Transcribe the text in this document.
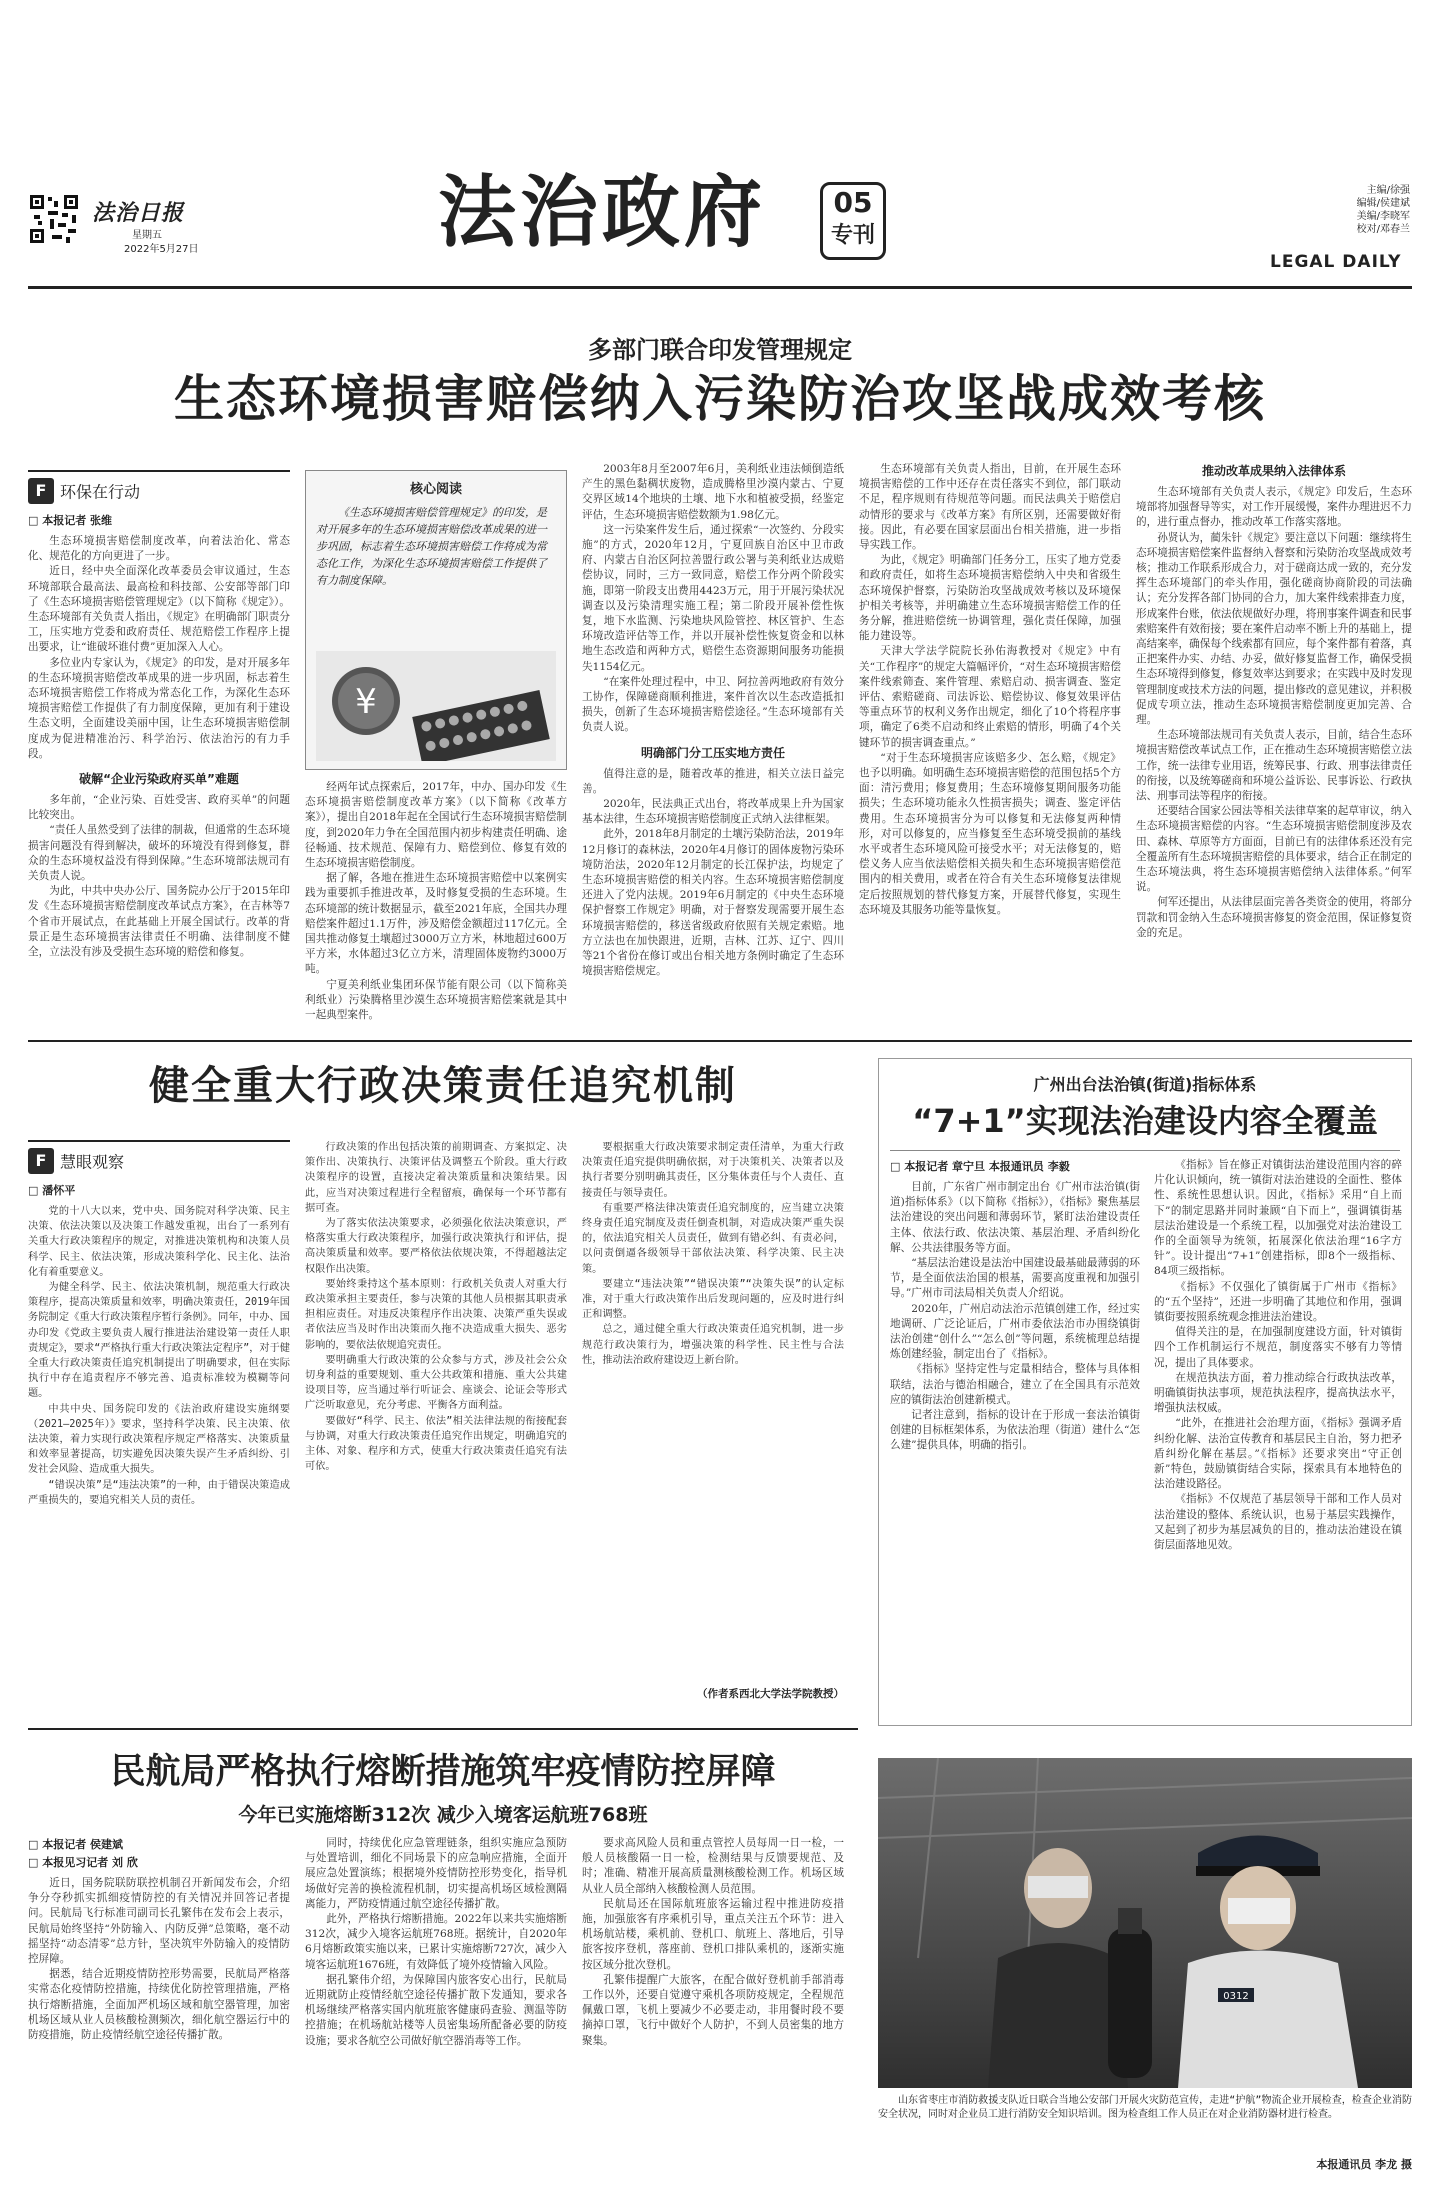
法治日报
星期五
2022年5月27日	法治政府	05
专刊
主编/徐强
编辑/侯建斌
美编/李晓军
校对/邓春兰
LEGAL DAILY
多部门联合印发管理规定
生态环境损害赔偿纳入污染防治攻坚战成效考核
F 环保在行动
□ 本报记者 张维

生态环境损害赔偿制度改革，向着法治化、常态化、规范化的方向更进了一步。

近日，经中央全面深化改革委员会审议通过，生态环境部联合最高法、最高检和科技部、公安部等部门印了《生态环境损害赔偿管理规定》（以下简称《规定》）。生态环境部有关负责人指出，《规定》在明确部门职责分工，压实地方党委和政府责任、规范赔偿工作程序上提出要求，让“谁破坏谁付费”更加深入人心。

多位业内专家认为，《规定》的印发，是对开展多年的生态环境损害赔偿改革成果的进一步巩固，标志着生态环境损害赔偿工作将成为常态化工作，为深化生态环境损害赔偿工作提供了有力制度保障，更加有利于建设生态文明，全面建设美丽中国，让生态环境损害赔偿制度成为促进精准治污、科学治污、依法治污的有力手段。

破解“企业污染政府买单”难题

多年前，“企业污染、百姓受害、政府买单”的问题比较突出。

“责任人虽然受到了法律的制裁，但通常的生态环境损害问题没有得到解决，破坏的环境没有得到修复，群众的生态环境权益没有得到保障。”生态环境部法规司有关负责人说。

为此，中共中央办公厅、国务院办公厅于2015年印发《生态环境损害赔偿制度改革试点方案》，在吉林等7个省市开展试点，在此基础上开展全国试行。改革的背景正是生态环境损害法律责任不明确、法律制度不健全，立法没有涉及受损生态环境的赔偿和修复。

核心阅读
《生态环境损害赔偿管理规定》的印发，是对开展多年的生态环境损害赔偿改革成果的进一步巩固，标志着生态环境损害赔偿工作将成为常态化工作，为深化生态环境损害赔偿工作提供了有力制度保障。
¥

经两年试点探索后，2017年，中办、国办印发《生态环境损害赔偿制度改革方案》（以下简称《改革方案》），提出自2018年起在全国试行生态环境损害赔偿制度，到2020年力争在全国范围内初步构建责任明确、途径畅通、技术规范、保障有力、赔偿到位、修复有效的生态环境损害赔偿制度。

据了解，各地在推进生态环境损害赔偿中以案例实践为重要抓手推进改革，及时修复受损的生态环境。生态环境部的统计数据显示，截至2021年底，全国共办理赔偿案件超过1.1万件，涉及赔偿金额超过117亿元。全国共推动修复土壤超过3000万立方米，林地超过600万平方米，水体超过3亿立方米，清理固体废物约3000万吨。

宁夏美利纸业集团环保节能有限公司（以下简称美利纸业）污染腾格里沙漠生态环境损害赔偿案就是其中一起典型案件。

2003年8月至2007年6月，美利纸业违法倾倒造纸产生的黑色黏稠状废物，造成腾格里沙漠内蒙古、宁夏交界区域14个地块的土壤、地下水和植被受损，经鉴定评估，生态环境损害赔偿数额为1.98亿元。

这一污染案件发生后，通过探索“一次签约、分段实施”的方式，2020年12月，宁夏回族自治区中卫市政府、内蒙古自治区阿拉善盟行政公署与美利纸业达成赔偿协议，同时，三方一致同意，赔偿工作分两个阶段实施，即第一阶段支出费用4423万元，用于开展污染状况调查以及污染清理实施工程；第二阶段开展补偿性恢复，地下水监测、污染地块风险管控、林区管护、生态环境改造评估等工作，并以开展补偿性恢复资金和以林地生态改造和两种方式，赔偿生态资源期间服务功能损失1154亿元。

“在案件处理过程中，中卫、阿拉善两地政府有效分工协作，保障磋商顺利推进，案件首次以生态改造抵扣损失，创新了生态环境损害赔偿途径。”生态环境部有关负责人说。

明确部门分工压实地方责任

值得注意的是，随着改革的推进，相关立法日益完善。

2020年，民法典正式出台，将改革成果上升为国家基本法律，生态环境损害赔偿制度正式纳入法律框架。

此外，2018年8月制定的土壤污染防治法，2019年12月修订的森林法，2020年4月修订的固体废物污染环境防治法，2020年12月制定的长江保护法，均规定了生态环境损害赔偿的相关内容。生态环境损害赔偿制度还进入了党内法规。2019年6月制定的《中央生态环境保护督察工作规定》明确，对于督察发现需要开展生态环境损害赔偿的，移送省级政府依照有关规定索赔。地方立法也在加快跟进，近期，吉林、江苏、辽宁、四川等21个省份在修订或出台相关地方条例时确定了生态环境损害赔偿规定。

生态环境部有关负责人指出，目前，在开展生态环境损害赔偿的工作中还存在责任落实不到位，部门联动不足，程序规则有待规范等问题。而民法典关于赔偿启动情形的要求与《改革方案》有所区别，还需要做好衔接。因此，有必要在国家层面出台相关措施，进一步指导实践工作。

为此，《规定》明确部门任务分工，压实了地方党委和政府责任，如将生态环境损害赔偿纳入中央和省级生态环境保护督察，污染防治攻坚战成效考核以及环境保护相关考核等，并明确建立生态环境损害赔偿工作的任务分解，推进赔偿统一协调管理，强化责任保障，加强能力建设等。

天津大学法学院院长孙佑海教授对《规定》中有关“工作程序”的规定大篇幅评价，“对生态环境损害赔偿案件线索筛查、案件管理、索赔启动、损害调查、鉴定评估、索赔磋商、司法诉讼、赔偿协议、修复效果评估等重点环节的权利义务作出规定，细化了10个将程序事项，确定了6类不启动和终止索赔的情形，明确了4个关键环节的损害调查重点。”

“对于生态环境损害应该赔多少、怎么赔，《规定》也予以明确。如明确生态环境损害赔偿的范围包括5个方面：清污费用；修复费用；生态环境修复期间服务功能损失；生态环境功能永久性损害损失；调查、鉴定评估费用。生态环境损害分为可以修复和无法修复两种情形，对可以修复的，应当修复至生态环境受损前的基线水平或者生态环境风险可接受水平；对无法修复的，赔偿义务人应当依法赔偿相关损失和生态环境损害赔偿范围内的相关费用，或者在符合有关生态环境修复法律规定后按照规划的替代修复方案，开展替代修复，实现生态环境及其服务功能等量恢复。

推动改革成果纳入法律体系

生态环境部有关负责人表示，《规定》印发后，生态环境部将加强督导等实，对工作开展缓慢，案件办理进迟不力的，进行重点督办，推动改革工作落实落地。

孙贤认为，蔺朱针《规定》要注意以下问题：继续将生态环境损害赔偿案件监督纳入督察和污染防治攻坚战成效考核；推动工作联系形成合力，对于磋商达成一致的，充分发挥生态环境部门的牵头作用，强化磋商协商阶段的司法确认；充分发挥各部门协同的合力，加大案件线索排查力度，形成案件台账，依法依规做好办理，将刑事案件调查和民事索赔案件有效衔接；要在案件启动率不断上升的基础上，提高结案率，确保每个线索都有回应，每个案件都有着落，真正把案件办实、办结、办妥，做好修复监督工作，确保受损生态环境得到修复，修复效率达到要求；在实践中及时发现管理制度或技术方法的问题，提出修改的意见建议，并积极促成专项立法，推动生态环境损害赔偿制度更加完善、合理。

生态环境部法规司有关负责人表示，目前，结合生态环境损害赔偿改革试点工作，正在推动生态环境损害赔偿立法工作，统一法律专业用语，统筹民事、行政、刑事法律责任的衔接，以及统筹磋商和环境公益诉讼、民事诉讼、行政执法、刑事司法等程序的衔接。

还要结合国家公园法等相关法律草案的起草审议，纳入生态环境损害赔偿的内容。“生态环境损害赔偿制度涉及农田、森林、草原等方方面面，目前已有的法律体系还没有完全覆盖所有生态环境损害赔偿的具体要求，结合正在制定的生态环境法典，将生态环境损害赔偿纳入法律体系。”何军说。

何军还提出，从法律层面完善各类资金的使用，将部分罚款和罚金纳入生态环境损害修复的资金范围，保证修复资金的充足。

健全重大行政决策责任追究机制
F 慧眼观察
□ 潘怀平

党的十八大以来，党中央、国务院对科学决策、民主决策、依法决策以及决策工作越发重视，出台了一系列有关重大行政决策程序的规定，对推进决策机构和决策人员科学、民主、依法决策，形成决策科学化、民主化、法治化有着重要意义。

为健全科学、民主、依法决策机制，规范重大行政决策程序，提高决策质量和效率，明确决策责任，2019年国务院制定《重大行政决策程序暂行条例》。同年，中办、国办印发《党政主要负责人履行推进法治建设第一责任人职责规定》，要求“严格执行重大行政决策法定程序”，对于健全重大行政决策责任追究机制提出了明确要求，但在实际执行中存在追责程序不够完善、追责标准较为模糊等问题。

中共中央、国务院印发的《法治政府建设实施纲要（2021—2025年）》要求，坚持科学决策、民主决策、依法决策，着力实现行政决策程序规定严格落实、决策质量和效率显著提高，切实避免因决策失误产生矛盾纠纷、引发社会风险、造成重大损失。

“错误决策”是“违法决策”的一种，由于错误决策造成严重损失的，要追究相关人员的责任。

行政决策的作出包括决策的前期调查、方案拟定、决策作出、决策执行、决策评估及调整五个阶段。重大行政决策程序的设置，直接决定着决策质量和决策结果。因此，应当对决策过程进行全程留痕，确保每一个环节都有据可查。

为了落实依法决策要求，必须强化依法决策意识，严格落实重大行政决策程序，加强行政决策执行和评估，提高决策质量和效率。要严格依法依规决策，不得超越法定权限作出决策。

要始终秉持这个基本原则：行政机关负责人对重大行政决策承担主要责任，参与决策的其他人员根据其职责承担相应责任。对违反决策程序作出决策、决策严重失误或者依法应当及时作出决策而久拖不决造成重大损失、恶劣影响的，要依法依规追究责任。

要明确重大行政决策的公众参与方式，涉及社会公众切身利益的重要规划、重大公共政策和措施、重大公共建设项目等，应当通过举行听证会、座谈会、论证会等形式广泛听取意见，充分考虑、平衡各方面利益。

要做好“科学、民主、依法”相关法律法规的衔接配套与协调，对重大行政决策责任追究作出规定，明确追究的主体、对象、程序和方式，使重大行政决策责任追究有法可依。

要根据重大行政决策要求制定责任清单，为重大行政决策责任追究提供明确依据，对于决策机关、决策者以及执行者要分别明确其责任，区分集体责任与个人责任、直接责任与领导责任。

有重要严格法律决策责任追究制度的，应当建立决策终身责任追究制度及责任倒查机制，对造成决策严重失误的，依法追究相关人员责任，做到有错必纠、有责必问，以问责倒逼各级领导干部依法决策、科学决策、民主决策。

要建立“违法决策”“错误决策”“决策失误”的认定标准，对于重大行政决策作出后发现问题的，应及时进行纠正和调整。

总之，通过健全重大行政决策责任追究机制，进一步规范行政决策行为，增强决策的科学性、民主性与合法性，推动法治政府建设迈上新台阶。

（作者系西北大学法学院教授）
广州出台法治镇(街道)指标体系
“7+1”实现法治建设内容全覆盖
□ 本报记者 章宁旦 本报通讯员 李毅

目前，广东省广州市制定出台《广州市法治镇(街道)指标体系》（以下简称《指标》），《指标》聚焦基层法治建设的突出问题和薄弱环节，紧盯法治建设责任主体、依法行政、依法决策、基层治理、矛盾纠纷化解、公共法律服务等方面。

“基层法治建设是法治中国建设最基础最薄弱的环节，是全面依法治国的根基，需要高度重视和加强引导。”广州市司法局相关负责人介绍说。

2020年，广州启动法治示范镇创建工作，经过实地调研、广泛论证后，广州市委依法治市办围绕镇街法治创建“创什么”“怎么创”等问题，系统梳理总结提炼创建经验，制定出台了《指标》。

《指标》坚持定性与定量相结合，整体与具体相联结，法治与德治相融合，建立了在全国具有示范效应的镇街法治创建新模式。

记者注意到，指标的设计在于形成一套法治镇街创建的目标框架体系，为依法治理（街道）建什么“怎么建”提供具体，明确的指引。

《指标》旨在修正对镇街法治建设范围内容的碎片化认识倾向，统一镇街对法治建设的全面性、整体性、系统性思想认识。因此，《指标》采用“自上而下”的制定思路并同时兼顾“自下而上”，强调镇街基层法治建设是一个系统工程，以加强党对法治建设工作的全面领导为统领，拓展深化依法治理“16字方针”。设计提出“7+1”创建指标，即8个一级指标、84项三级指标。

《指标》不仅强化了镇街属于广州市《指标》的“五个坚持”，还进一步明确了其地位和作用，强调镇街要按照系统观念推进法治建设。

值得关注的是，在加强制度建设方面，针对镇街四个工作机制运行不规范，制度落实不够有力等情况，提出了具体要求。

在规范执法方面，着力推动综合行政执法改革，明确镇街执法事项，规范执法程序，提高执法水平，增强执法权威。

“此外，在推进社会治理方面，《指标》强调矛盾纠纷化解、法治宣传教育和基层民主自治，努力把矛盾纠纷化解在基层。”《指标》还要求突出“守正创新”特色，鼓励镇街结合实际，探索具有本地特色的法治建设路径。

《指标》不仅规范了基层领导干部和工作人员对法治建设的整体、系统认识，也易于基层实践操作，又起到了初步为基层减负的目的，推动法治建设在镇街层面落地见效。

民航局严格执行熔断措施筑牢疫情防控屏障
今年已实施熔断312次 减少入境客运航班768班
□ 本报记者 侯建斌
□ 本报见习记者 刘 欣

近日，国务院联防联控机制召开新闻发布会，介绍争分夺秒抓实抓细疫情防控的有关情况并回答记者提问。民航局飞行标准司副司长孔繁伟在发布会上表示，民航局始终坚持“外防输入、内防反弹”总策略，毫不动摇坚持“动态清零”总方针，坚决筑牢外防输入的疫情防控屏障。

据悉，结合近期疫情防控形势需要，民航局严格落实常态化疫情防控措施，持续优化防控管理措施，严格执行熔断措施，全面加严机场区域和航空器管理，加密机场区域从业人员核酸检测频次，细化航空器运行中的防疫措施，防止疫情经航空途径传播扩散。

同时，持续优化应急管理链条，组织实施应急预防与处置培训，细化不同场景下的应急响应措施，全面开展应急处置演练；根据境外疫情防控形势变化，指导机场做好完善的换检流程机制，切实提高机场区域检测隔离能力，严防疫情通过航空途径传播扩散。

此外，严格执行熔断措施。2022年以来共实施熔断312次，减少入境客运航班768班。据统计，自2020年6月熔断政策实施以来，已累计实施熔断727次，减少入境客运航班1676班，有效降低了境外疫情输入风险。

据孔繁伟介绍，为保障国内旅客安心出行，民航局近期就防止疫情经航空途径传播扩散下发通知，要求各机场继续严格落实国内航班旅客健康码查验、测温等防控措施；在机场航站楼等人员密集场所配备必要的防疫设施；要求各航空公司做好航空器消毒等工作。

要求高风险人员和重点管控人员每周一日一检，一般人员核酸隔一日一检，检测结果与反馈要规范、及时；准确、精准开展高质量测核酸检测工作。机场区域从业人员全部纳入核酸检测人员范围。

民航局还在国际航班旅客运输过程中推进防疫措施，加强旅客有序乘机引导，重点关注五个环节：进入机场航站楼，乘机前、登机口、航班上、落地后，引导旅客按序登机，落座前、登机口排队乘机的，逐渐实施按区域分批次登机。

孔繁伟提醒广大旅客，在配合做好登机前手部消毒工作以外，还要自觉遵守乘机各项防疫规定，全程规范佩戴口罩，飞机上要减少不必要走动，非用餐时段不要摘掉口罩，飞行中做好个人防护，不到人员密集的地方聚集。

0312
山东省枣庄市消防救援支队近日联合当地公安部门开展火灾防范宣传，走进“护航”物流企业开展检查，检查企业消防安全状况，同时对企业员工进行消防安全知识培训。图为检查组工作人员正在对企业消防器材进行检查。
本报通讯员 李龙 摄
